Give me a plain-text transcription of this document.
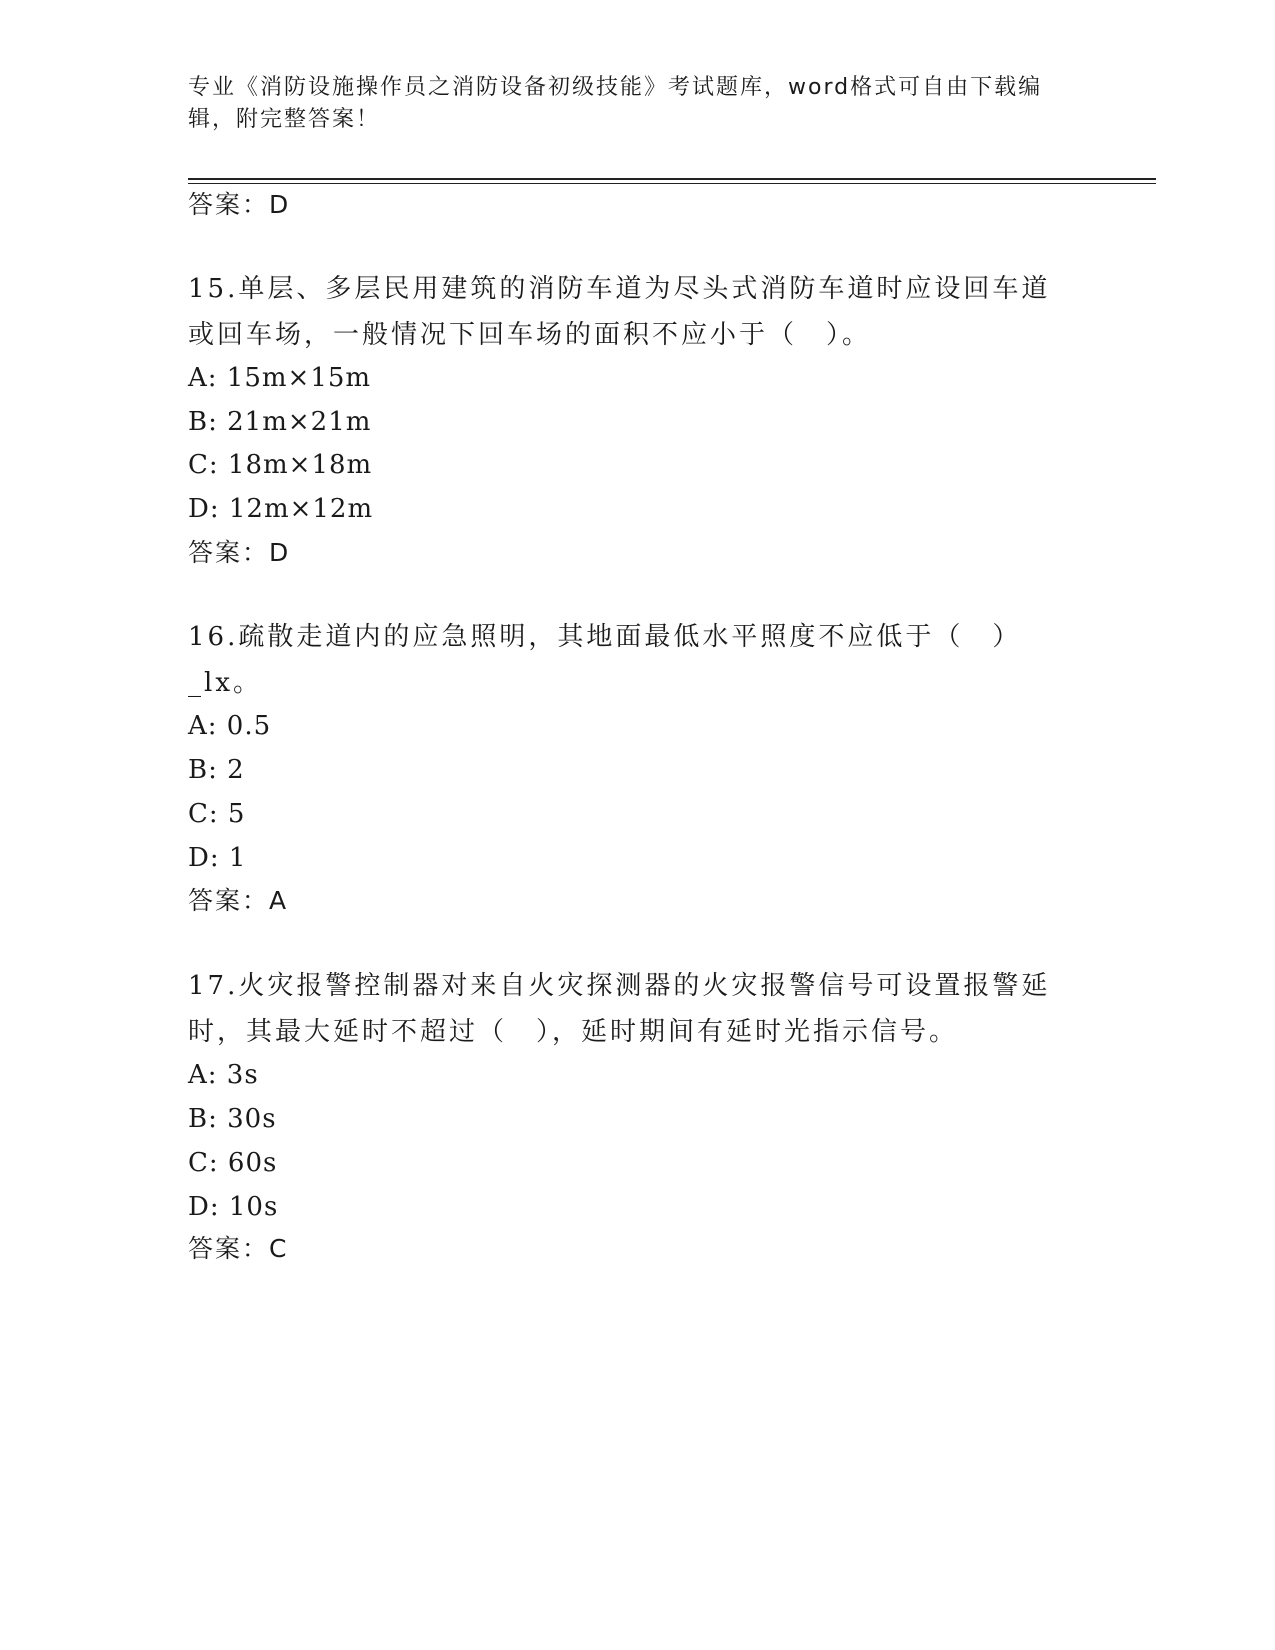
专业《消防设施操作员之消防设备初级技能》考试题库，word格式可自由下载编辑，附完整答案！
答案：D
15.单层、多层民用建筑的消防车道为尽头式消防车道时应设回车道或回车场，一般情况下回车场的面积不应小于（　）。
A: 15m×15m
B: 21m×21m
C: 18m×18m
D: 12m×12m
答案：D
16.疏散走道内的应急照明，其地面最低水平照度不应低于（　）_lx。
A: 0.5
B: 2
C: 5
D: 1
答案：A
17.火灾报警控制器对来自火灾探测器的火灾报警信号可设置报警延时，其最大延时不超过（　），延时期间有延时光指示信号。
A: 3s
B: 30s
C: 60s
D: 10s
答案：C
